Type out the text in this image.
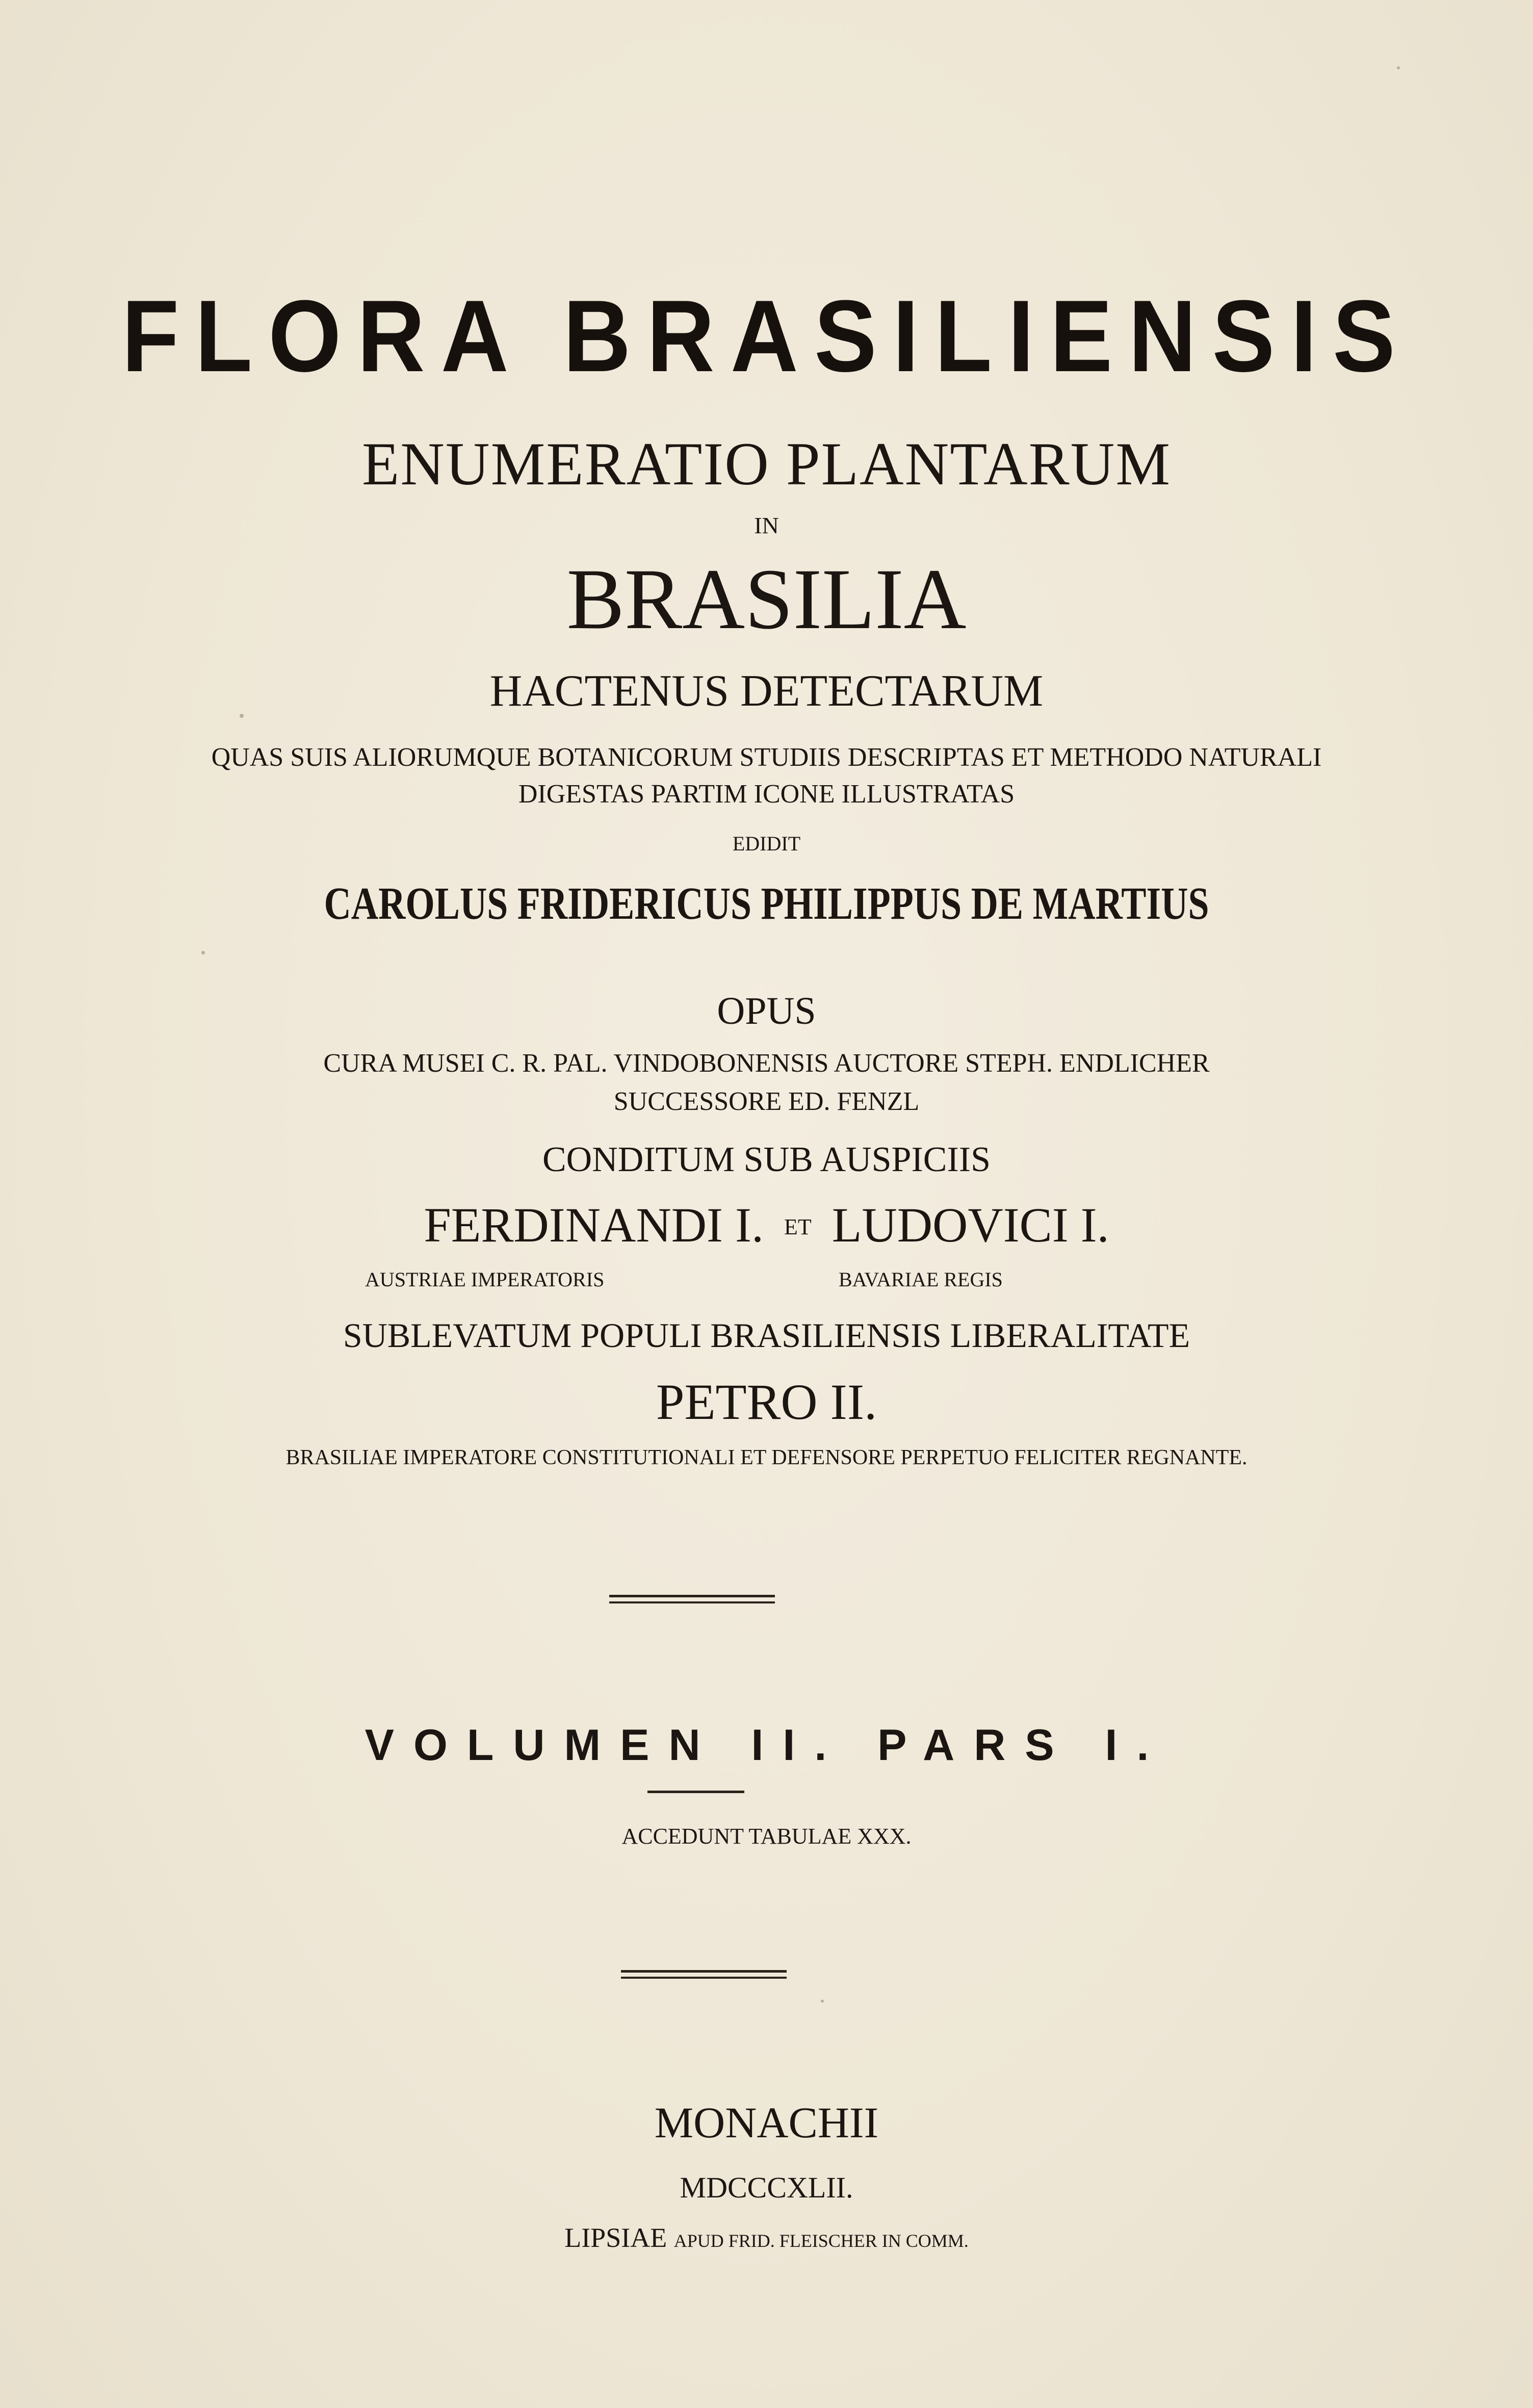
FLORA BRASILIENSIS
ENUMERATIO PLANTARUM
IN
BRASILIA
HACTENUS DETECTARUM
QUAS SUIS ALIORUMQUE BOTANICORUM STUDIIS DESCRIPTAS ET METHODO NATURALI
DIGESTAS PARTIM ICONE ILLUSTRATAS
EDIDIT
CAROLUS FRIDERICUS PHILIPPUS DE MARTIUS
OPUS
CURA MUSEI C. R. PAL. VINDOBONENSIS AUCTORE STEPH. ENDLICHER
SUCCESSORE ED. FENZL
CONDITUM SUB AUSPICIIS
FERDINANDI I. ET LUDOVICI I.
AUSTRIAE IMPERATORIS	BAVARIAE REGIS
SUBLEVATUM POPULI BRASILIENSIS LIBERALITATE
PETRO II.
BRASILIAE IMPERATORE CONSTITUTIONALI ET DEFENSORE PERPETUO FELICITER REGNANTE.
VOLUMEN II. PARS I.
ACCEDUNT TABULAE XXX.
MONACHII
MDCCCXLII.
LIPSIAE APUD FRID. FLEISCHER IN COMM.
